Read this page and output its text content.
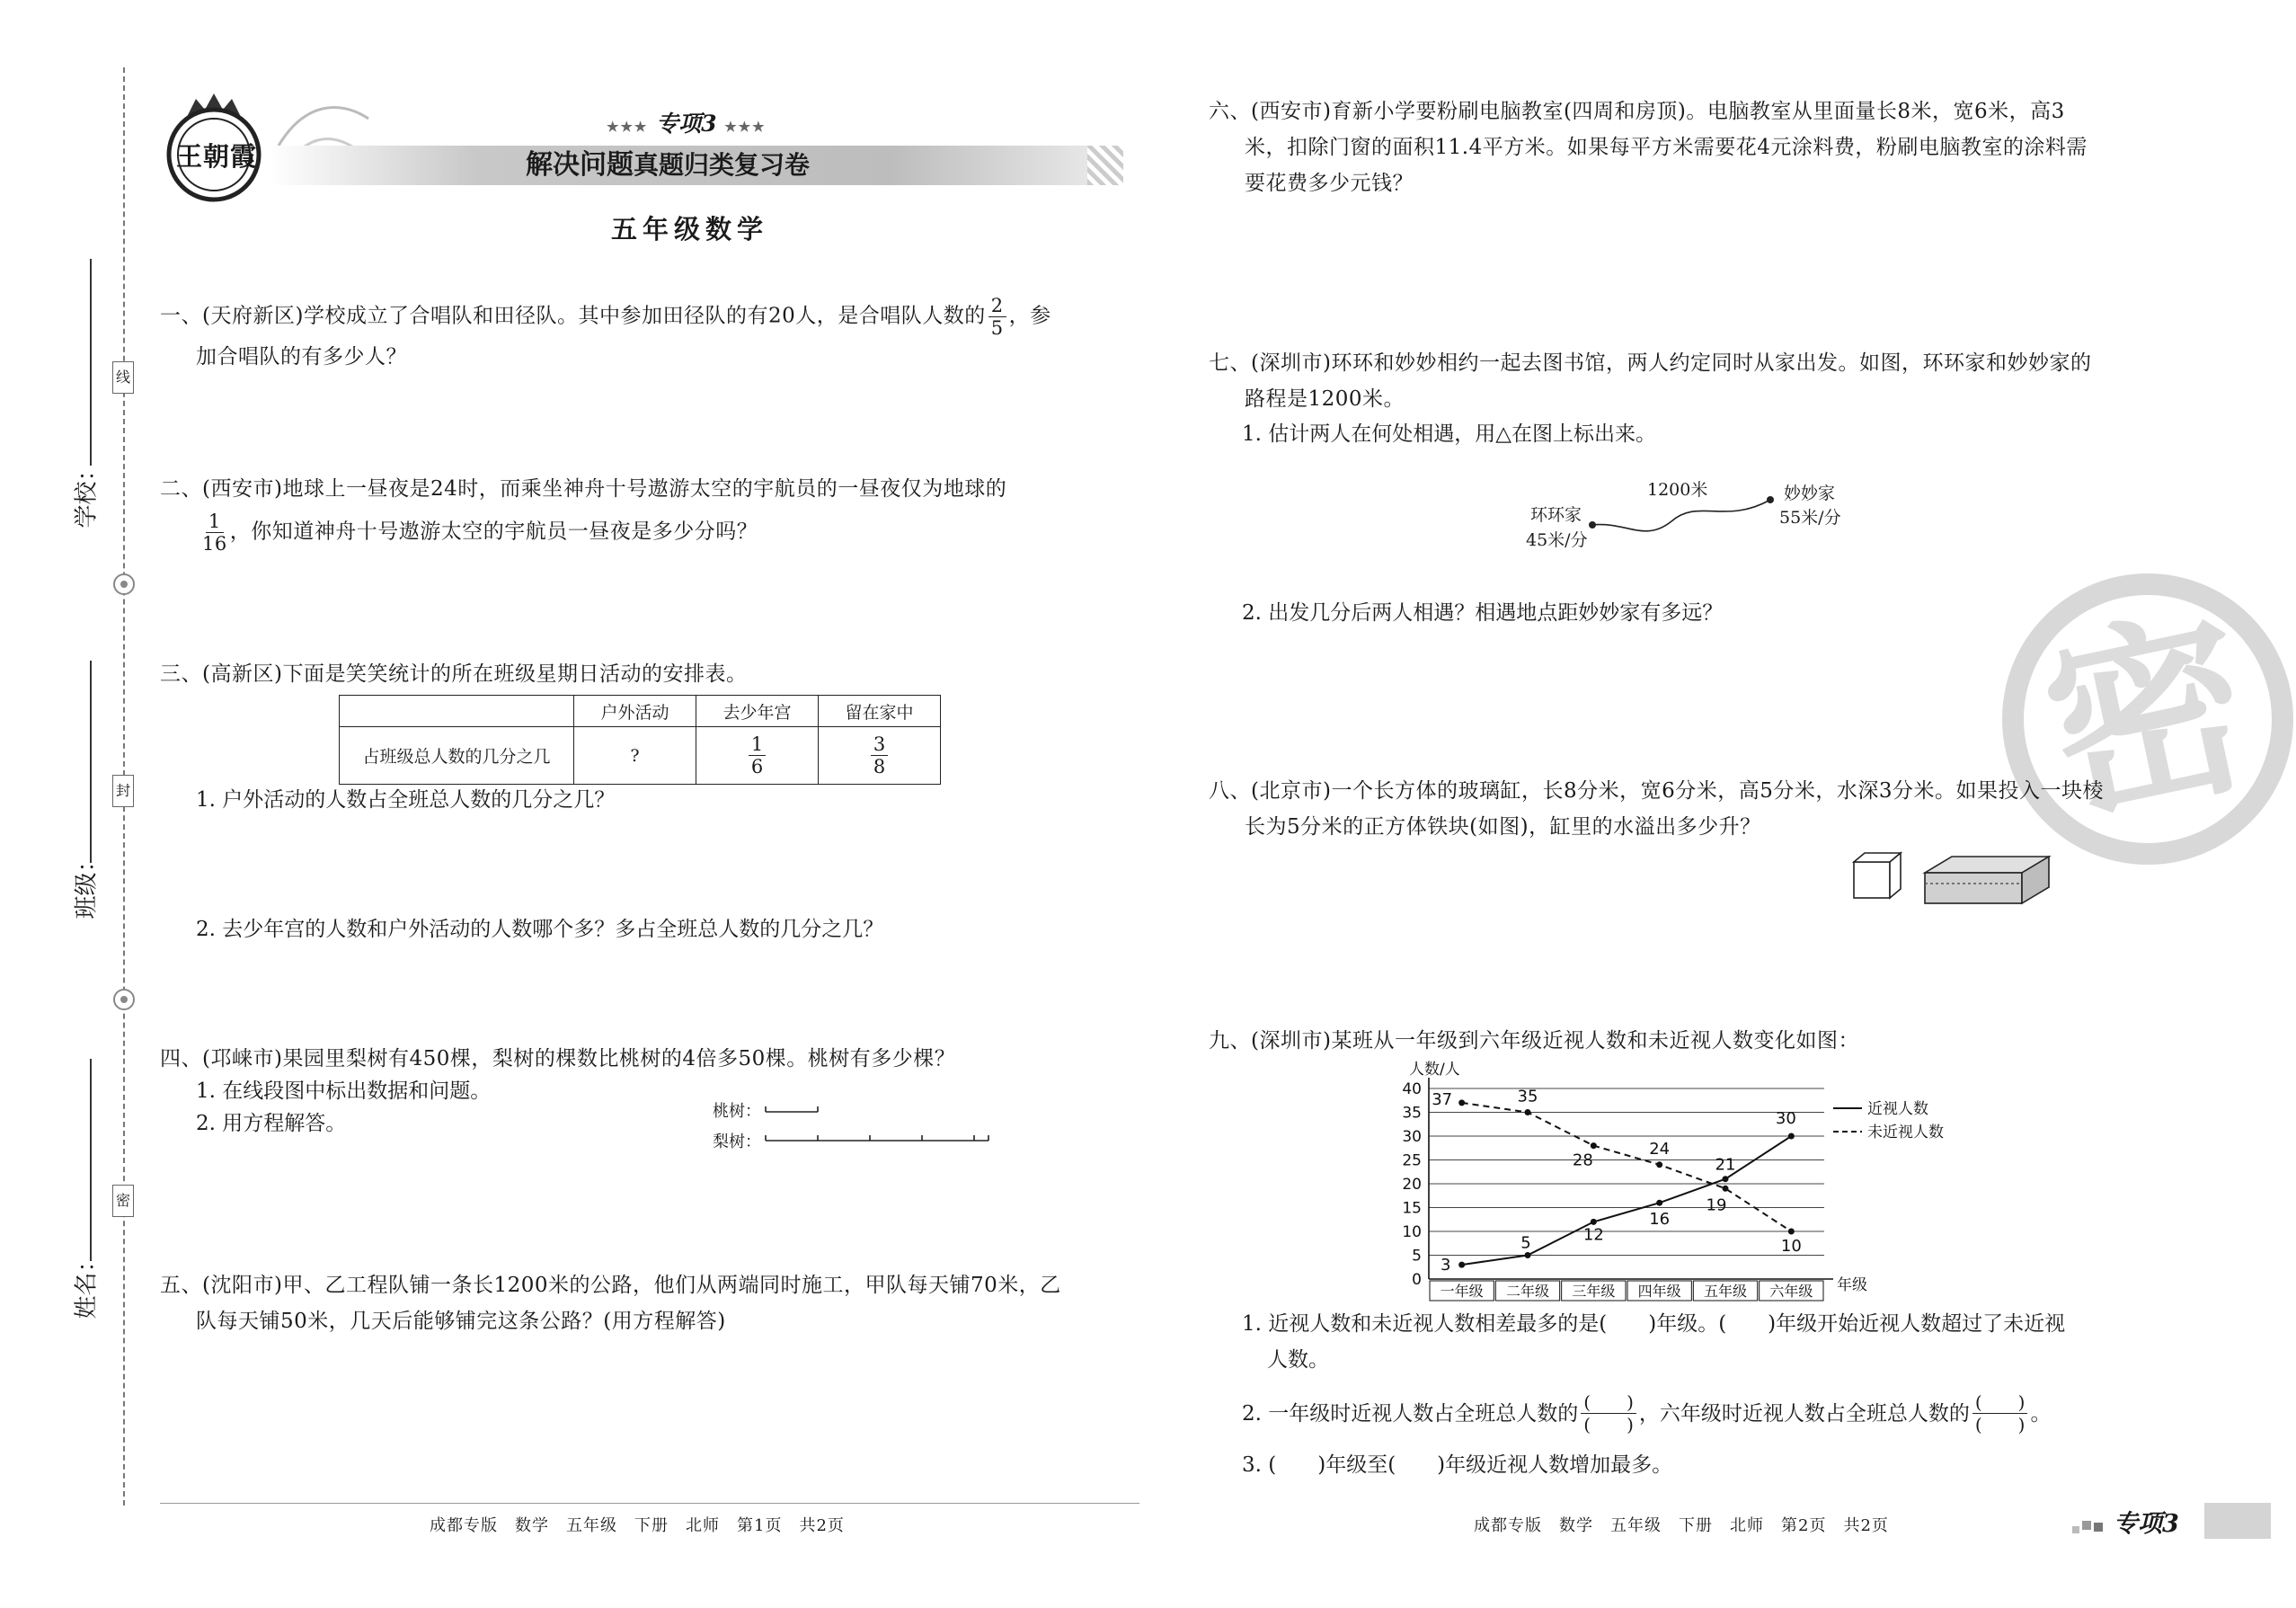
学校：
班级：
姓名：
线
封
密
王朝霞
★★★ 专项3 ★★★
解决问题真题归类复习卷
五年级数学
一、(天府新区)学校成立了合唱队和田径队。其中参加田径队的有20人，是合唱队人数的 $\frac{2}{5}$ ，参
加合唱队的有多少人？
二、(西安市)地球上一昼夜是24时，而乘坐神舟十号遨游太空的宇航员的一昼夜仅为地球的
$\frac{1}{16}$ ，你知道神舟十号遨游太空的宇航员一昼夜是多少分吗？
三、(高新区)下面是笑笑统计的所在班级星期日活动的安排表。
	户外活动	去少年宫	留在家中
占班级总人数的几分之几	?	$\frac{1}{6}$	$\frac{3}{8}$
1. 户外活动的人数占全班总人数的几分之几？
2. 去少年宫的人数和户外活动的人数哪个多？多占全班总人数的几分之几？
四、(邛崃市)果园里梨树有450棵，梨树的棵数比桃树的4倍多50棵。桃树有多少棵？
1. 在线段图中标出数据和问题。
2. 用方程解答。
桃树：
梨树：
五、(沈阳市)甲、乙工程队铺一条长1200米的公路，他们从两端同时施工，甲队每天铺70米，乙
队每天铺50米，几天后能够铺完这条公路？(用方程解答)
成都专版　数学　五年级　下册　北师　第1页　共2页
密
六、(西安市)育新小学要粉刷电脑教室(四周和房顶)。电脑教室从里面量长8米，宽6米，高3
米，扣除门窗的面积11.4平方米。如果每平方米需要花4元涂料费，粉刷电脑教室的涂料需
要花费多少元钱？
七、(深圳市)环环和妙妙相约一起去图书馆，两人约定同时从家出发。如图，环环家和妙妙家的
路程是1200米。
1. 估计两人在何处相遇，用△在图上标出来。
1200米
环环家
45米/分
妙妙家
55米/分
2. 出发几分后两人相遇？相遇地点距妙妙家有多远？
八、(北京市)一个长方体的玻璃缸，长8分米，宽6分米，高5分米，水深3分米。如果投入一块棱
长为5分米的正方体铁块(如图)，缸里的水溢出多少升？
九、(深圳市)某班从一年级到六年级近视人数和未近视人数变化如图：
0
5
10
15
20
25
30
35
40
人数/人
年级
一年级 二年级 三年级 四年级 五年级 六年级
3
5	12
16
21
30	近视人数
37	35
28
24
19
10
未近视人数
1. 近视人数和未近视人数相差最多的是(　　)年级。(　　)年级开始近视人数超过了未近视
人数。
2. 一年级时近视人数占全班总人数的 $\frac{( )}{( )}$ ，六年级时近视人数占全班总人数的 $\frac{( )}{( )}$ 。
3. (　　)年级至(　　)年级近视人数增加最多。
成都专版　数学　五年级　下册　北师　第2页　共2页	专项3
